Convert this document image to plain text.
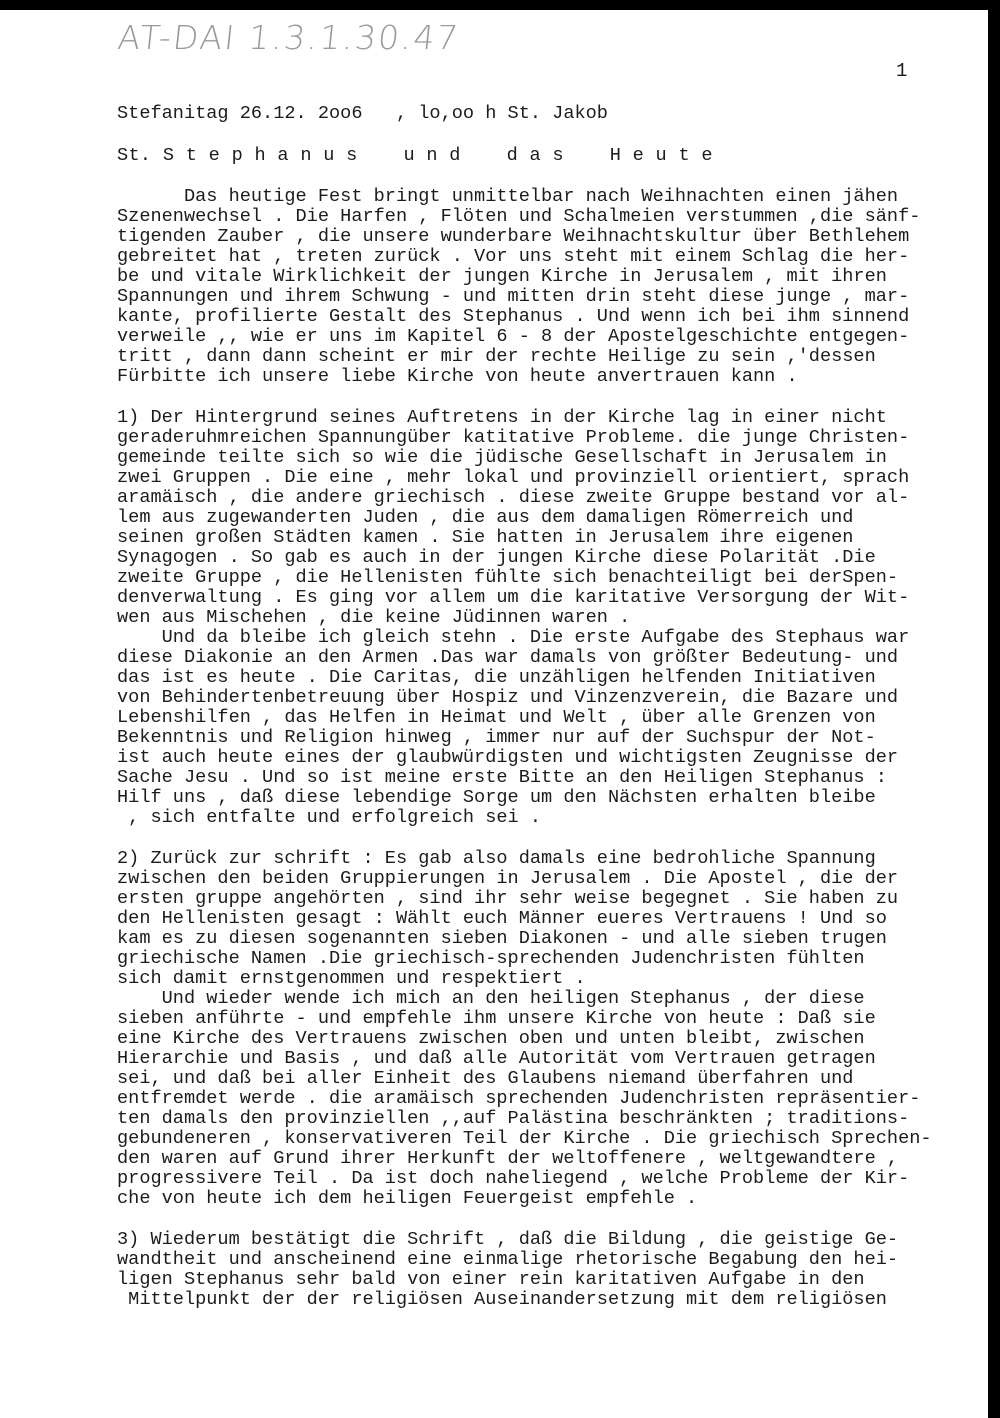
AT-DAI 1.3.1.30.47
1
Stefanitag 26.12. 2oo6   , lo,oo h St. Jakob
St. S t e p h a n u s    u n d    d a s    H e u t e
Das heutige Fest bringt unmittelbar nach Weihnachten einen jähen
Szenenwechsel . Die Harfen , Flöten und Schalmeien verstummen ,die sänf-
tigenden Zauber , die unsere wunderbare Weihnachtskultur über Bethlehem
gebreitet hat , treten zurück . Vor uns steht mit einem Schlag die her-
be und vitale Wirklichkeit der jungen Kirche in Jerusalem , mit ihren
Spannungen und ihrem Schwung - und mitten drin steht diese junge , mar-
kante, profilierte Gestalt des Stephanus . Und wenn ich bei ihm sinnend
verweile ,, wie er uns im Kapitel 6 - 8 der Apostelgeschichte entgegen-
tritt , dann dann scheint er mir der rechte Heilige zu sein ,'dessen
Fürbitte ich unsere liebe Kirche von heute anvertrauen kann .
1) Der Hintergrund seines Auftretens in der Kirche lag in einer nicht
geraderuhmreichen Spannungüber katitative Probleme. die junge Christen-
gemeinde teilte sich so wie die jüdische Gesellschaft in Jerusalem in
zwei Gruppen . Die eine , mehr lokal und provinziell orientiert, sprach
aramäisch , die andere griechisch . diese zweite Gruppe bestand vor al-
lem aus zugewanderten Juden , die aus dem damaligen Römerreich und
seinen großen Städten kamen . Sie hatten in Jerusalem ihre eigenen
Synagogen . So gab es auch in der jungen Kirche diese Polarität .Die
zweite Gruppe , die Hellenisten fühlte sich benachteiligt bei derSpen-
denverwaltung . Es ging vor allem um die karitative Versorgung der Wit-
wen aus Mischehen , die keine Jüdinnen waren .
Und da bleibe ich gleich stehn . Die erste Aufgabe des Stephaus war
diese Diakonie an den Armen .Das war damals von größter Bedeutung- und
das ist es heute . Die Caritas, die unzähligen helfenden Initiativen
von Behindertenbetreuung über Hospiz und Vinzenzverein, die Bazare und
Lebenshilfen , das Helfen in Heimat und Welt , über alle Grenzen von
Bekenntnis und Religion hinweg , immer nur auf der Suchspur der Not-
ist auch heute eines der glaubwürdigsten und wichtigsten Zeugnisse der
Sache Jesu . Und so ist meine erste Bitte an den Heiligen Stephanus :
Hilf uns , daß diese lebendige Sorge um den Nächsten erhalten bleibe
, sich entfalte und erfolgreich sei .
2) Zurück zur schrift : Es gab also damals eine bedrohliche Spannung
zwischen den beiden Gruppierungen in Jerusalem . Die Apostel , die der
ersten gruppe angehörten , sind ihr sehr weise begegnet . Sie haben zu
den Hellenisten gesagt : Wählt euch Männer eueres Vertrauens ! Und so
kam es zu diesen sogenannten sieben Diakonen - und alle sieben trugen
griechische Namen .Die griechisch-sprechenden Judenchristen fühlten
sich damit ernstgenommen und respektiert .
Und wieder wende ich mich an den heiligen Stephanus , der diese
sieben anführte - und empfehle ihm unsere Kirche von heute : Daß sie
eine Kirche des Vertrauens zwischen oben und unten bleibt, zwischen
Hierarchie und Basis , und daß alle Autorität vom Vertrauen getragen
sei, und daß bei aller Einheit des Glaubens niemand überfahren und
entfremdet werde . die aramäisch sprechenden Judenchristen repräsentier-
ten damals den provinziellen ,,auf Palästina beschränkten ; traditions-
gebundeneren , konservativeren Teil der Kirche . Die griechisch Sprechen-
den waren auf Grund ihrer Herkunft der weltoffenere , weltgewandtere ,
progressivere Teil . Da ist doch naheliegend , welche Probleme der Kir-
che von heute ich dem heiligen Feuergeist empfehle .
3) Wiederum bestätigt die Schrift , daß die Bildung , die geistige Ge-
wandtheit und anscheinend eine einmalige rhetorische Begabung den hei-
ligen Stephanus sehr bald von einer rein karitativen Aufgabe in den
Mittelpunkt der der religiösen Auseinandersetzung mit dem religiösen
